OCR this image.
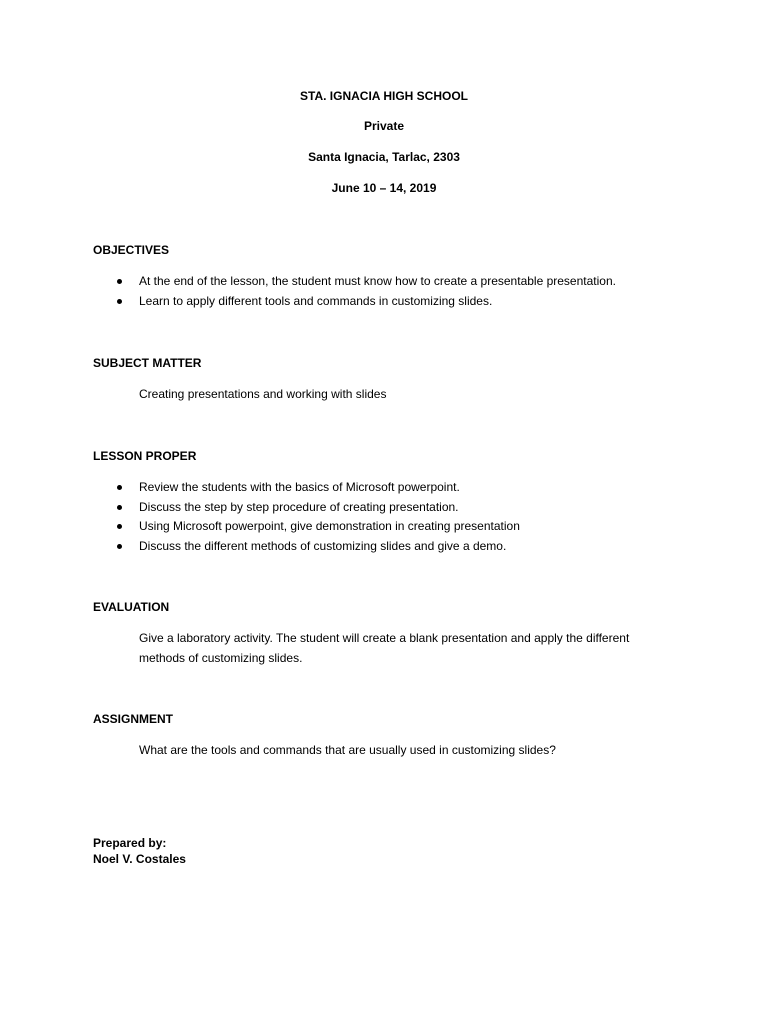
STA. IGNACIA HIGH SCHOOL
Private
Santa Ignacia, Tarlac, 2303
June 10 – 14, 2019
OBJECTIVES
At the end of the lesson, the student must know how to create a presentable presentation.
Learn to apply different tools and commands in customizing slides.
SUBJECT MATTER
Creating presentations and working with slides
LESSON PROPER
Review the students with the basics of Microsoft powerpoint.
Discuss the step by step procedure of creating presentation.
Using Microsoft powerpoint, give demonstration in creating presentation
Discuss the different methods of customizing slides and give a demo.
EVALUATION
Give a laboratory activity. The student will create a blank presentation and apply the different methods of customizing slides.
ASSIGNMENT
What are the tools and commands that are usually used in customizing slides?
Prepared by:
Noel V. Costales
